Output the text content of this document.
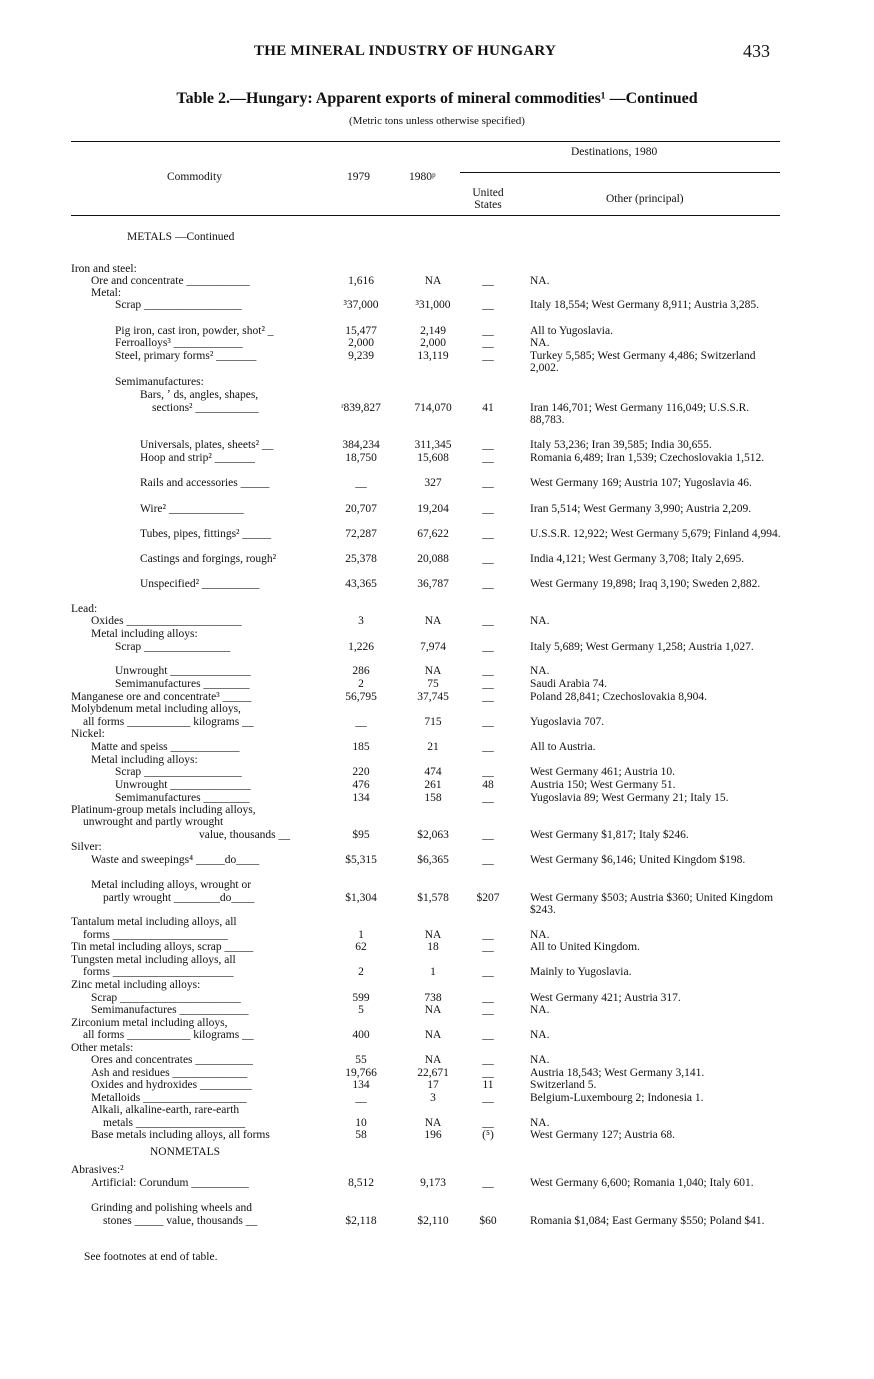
THE MINERAL INDUSTRY OF HUNGARY	433
Table 2.—Hungary: Apparent exports of mineral commodities¹ —Continued
(Metric tons unless otherwise specified)
Destinations, 1980
Commodity	1979	1980ᵖ
United States	Other (principal)
METALS —Continued
Iron and steel:
Ore and concentrate ___________	1,616	NA	__	NA.
Metal:
Scrap _________________	³37,000	³31,000	__	Italy 18,554; West Germany 8,911; Austria 3,285.
Pig iron, cast iron, powder, shot² _	15,477	2,149	__	All to Yugoslavia.
Ferroalloys³ ____________	2,000	2,000	__	NA.
Steel, primary forms² _______	9,239	13,119	__	Turkey 5,585; West Germany 4,486; Switzerland 2,002.
Semimanufactures:
Bars, ʼ ds, angles, shapes,
sections² ___________	ʳ839,827	714,070	41	Iran 146,701; West Germany 116,049; U.S.S.R. 88,783.
Universals, plates, sheets² __	384,234	311,345	__	Italy 53,236; Iran 39,585; India 30,655.
Hoop and strip² _______	18,750	15,608	__	Romania 6,489; Iran 1,539; Czechoslovakia 1,512.
Rails and accessories _____	__	327	__	West Germany 169; Austria 107; Yugoslavia 46.
Wire² _____________	20,707	19,204	__	Iran 5,514; West Germany 3,990; Austria 2,209.
Tubes, pipes, fittings² _____	72,287	67,622	__	U.S.S.R. 12,922; West Germany 5,679; Finland 4,994.
Castings and forgings, rough²	25,378	20,088	__	India 4,121; West Germany 3,708; Italy 2,695.
Unspecified² __________	43,365	36,787	__	West Germany 19,898; Iraq 3,190; Sweden 2,882.
Lead:
Oxides ____________________	3	NA	__	NA.
Metal including alloys:
Scrap _______________	1,226	7,974	__	Italy 5,689; West Germany 1,258; Austria 1,027.
Unwrought ______________	286	NA	__	NA.
Semimanufactures ________	2	75	__	Saudi Arabia 74.
Manganese ore and concentrate³ _____	56,795	37,745	__	Poland 28,841; Czechoslovakia 8,904.
Molybdenum metal including alloys,
all forms ___________ kilograms __	__	715	__	Yugoslavia 707.
Nickel:
Matte and speiss ____________	185	21	__	All to Austria.
Metal including alloys:
Scrap _________________	220	474	__	West Germany 461; Austria 10.
Unwrought ______________	476	261	48	Austria 150; West Germany 51.
Semimanufactures ________	134	158	__	Yugoslavia 89; West Germany 21; Italy 15.
Platinum-group metals including alloys,
unwrought and partly wrought
value, thousands __	$95	$2,063	__	West Germany $1,817; Italy $246.
Silver:
Waste and sweepings⁴ _____do____	$5,315	$6,365	__	West Germany $6,146; United Kingdom $198.
Metal including alloys, wrought or
partly wrought ________do____	$1,304	$1,578	$207	West Germany $503; Austria $360; United Kingdom $243.
Tantalum metal including alloys, all
forms ____________________	1	NA	__	NA.
Tin metal including alloys, scrap _____	62	18	__	All to United Kingdom.
Tungsten metal including alloys, all
forms _____________________	2	1	__	Mainly to Yugoslavia.
Zinc metal including alloys:
Scrap _____________________	599	738	__	West Germany 421; Austria 317.
Semimanufactures ____________	5	NA	__	NA.
Zirconium metal including alloys,
all forms ___________ kilograms __	400	NA	__	NA.
Other metals:
Ores and concentrates __________	55	NA	__	NA.
Ash and residues _____________	19,766	22,671	__	Austria 18,543; West Germany 3,141.
Oxides and hydroxides _________	134	17	11	Switzerland 5.
Metalloids __________________	__	3	__	Belgium-Luxembourg 2; Indonesia 1.
Alkali, alkaline-earth, rare-earth
metals ___________________	10	NA	__	NA.
Base metals including alloys, all forms	58	196	(⁵)	West Germany 127; Austria 68.
NONMETALS
Abrasives:²
Artificial: Corundum __________	8,512	9,173	__	West Germany 6,600; Romania 1,040; Italy 601.
Grinding and polishing wheels and
stones _____ value, thousands __	$2,118	$2,110	$60	Romania $1,084; East Germany $550; Poland $41.
See footnotes at end of table.
